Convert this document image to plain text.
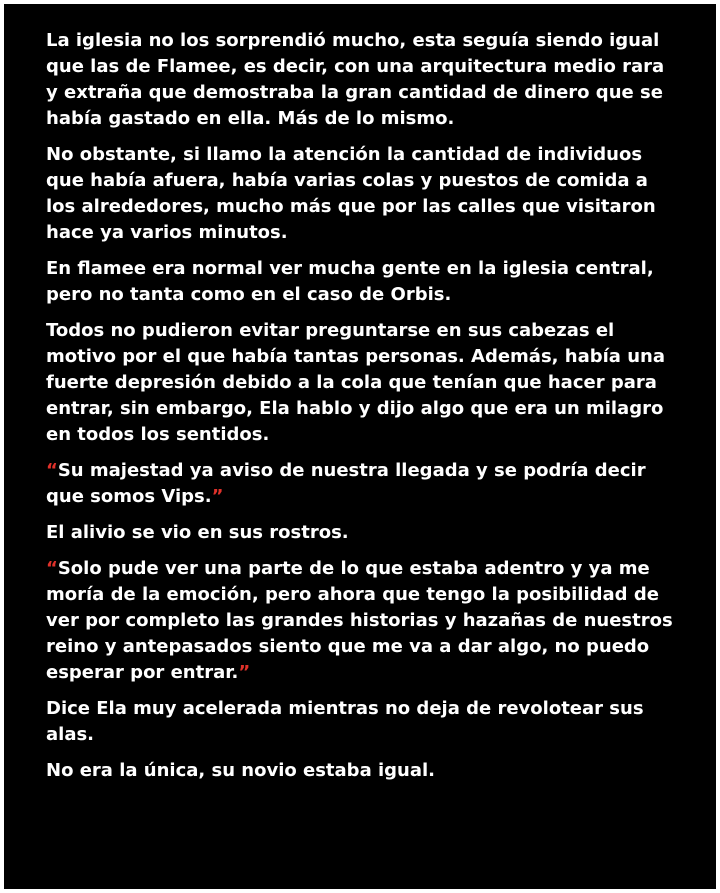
La iglesia no los sorprendió mucho, esta seguía siendo igual que las de Flamee, es decir, con una arquitectura medio rara y extraña que demostraba la gran cantidad de dinero que se había gastado en ella. Más de lo mismo.

No obstante, si llamo la atención la cantidad de individuos que había afuera, había varias colas y puestos de comida a los alrededores, mucho más que por las calles que visitaron hace ya varios minutos.

En flamee era normal ver mucha gente en la iglesia central, pero no tanta como en el caso de Orbis.

Todos no pudieron evitar preguntarse en sus cabezas el motivo por el que había tantas personas. Además, había una fuerte depresión debido a la cola que tenían que hacer para entrar, sin embargo, Ela hablo y dijo algo que era un milagro en todos los sentidos.

“Su majestad ya aviso de nuestra llegada y se podría decir que somos Vips.”

El alivio se vio en sus rostros.

“Solo pude ver una parte de lo que estaba adentro y ya me moría de la emoción, pero ahora que tengo la posibilidad de ver por completo las grandes historias y hazañas de nuestros reino y antepasados siento que me va a dar algo, no puedo esperar por entrar.”

Dice Ela muy acelerada mientras no deja de revolotear sus alas.

No era la única, su novio estaba igual.
